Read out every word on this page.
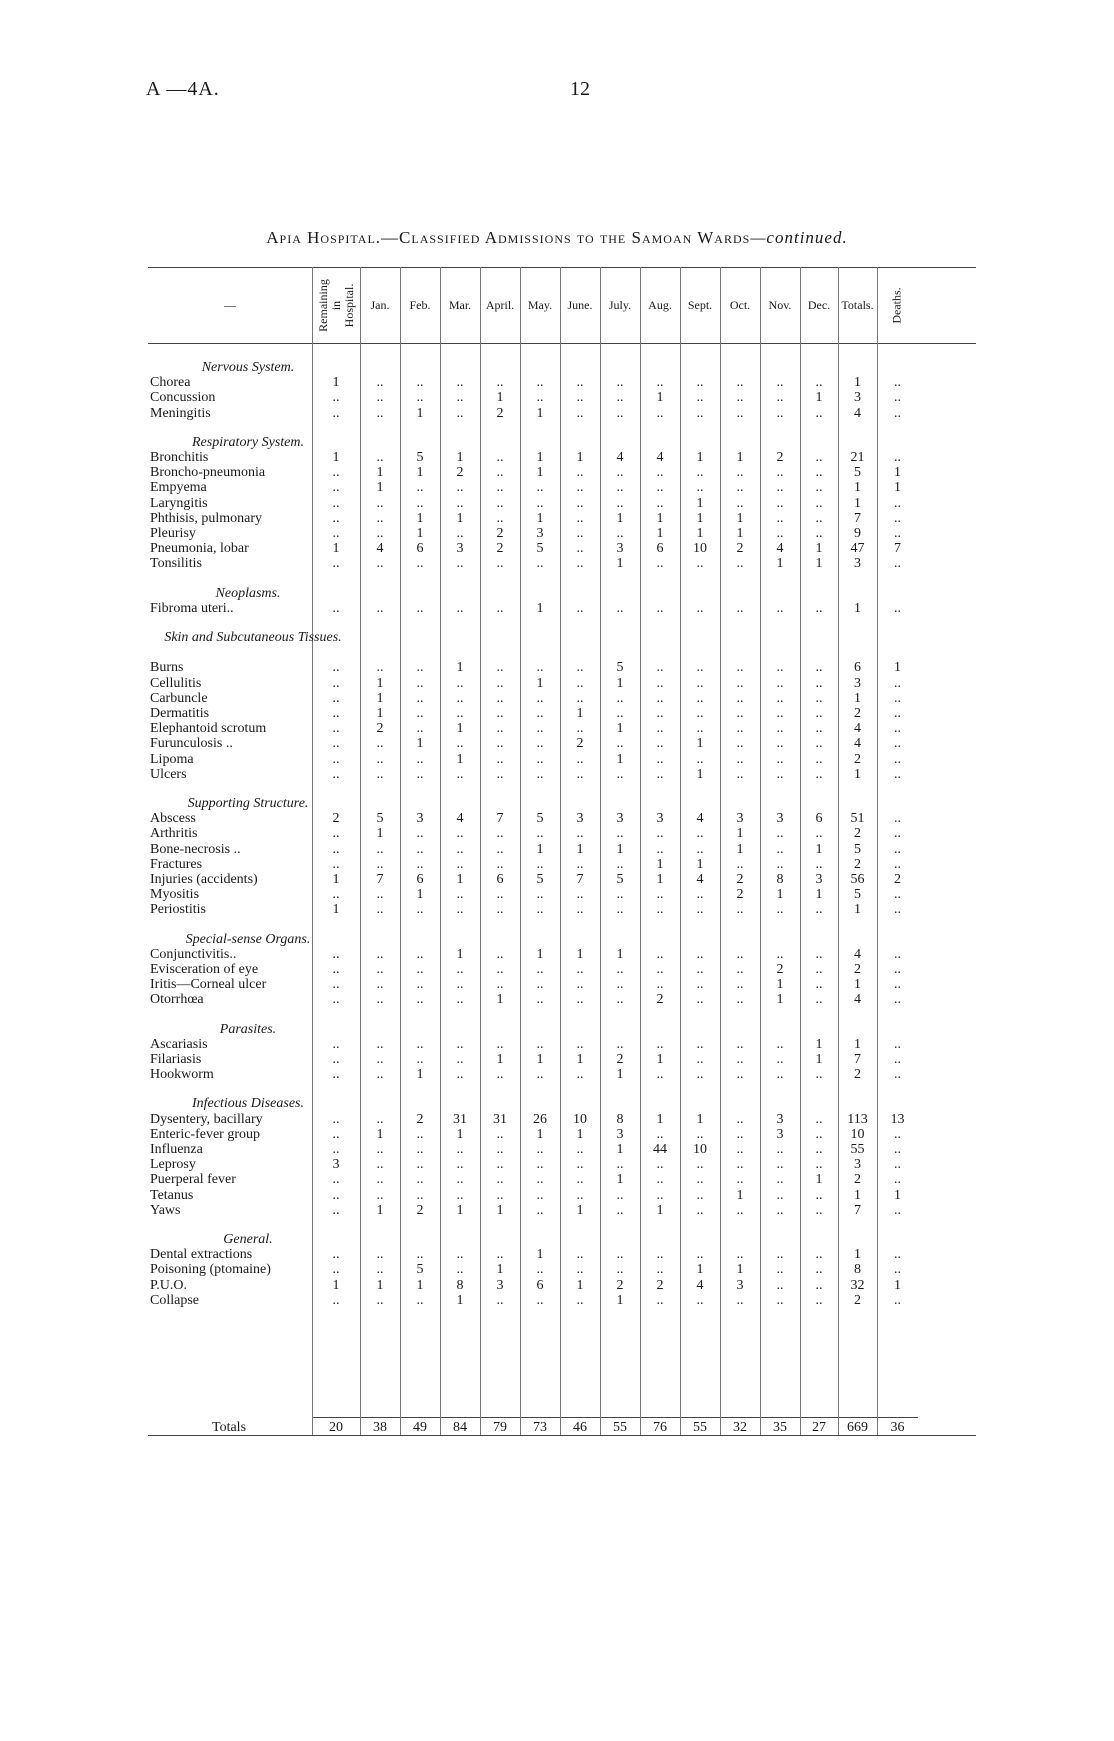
A —4A.	12
Apia Hospital.—Classified Admissions to the Samoan Wards—continued.
—	Remaining in Hospital. Jan. Feb. Mar. April. May. June. July. Aug. Sept. Oct. Nov. Dec. Totals. Deaths.
Nervous System.
Chorea	1	..	..	..	..	..	..	..	..	..	..	..	..	1	..
Concussion	..	..	..	..	1	..	..	..	1	..	..	..	1	3	..
Meningitis	..	..	1	..	2	1	..	..	..	..	..	..	..	4	..
Respiratory System.
Bronchitis	1	..	5	1	..	1	1	4	4	1	1	2	..	21	..
Broncho-pneumonia	..	1	1	2	..	1	..	..	..	..	..	..	..	5	1
Empyema	..	1	..	..	..	..	..	..	..	..	..	..	..	1	1
Laryngitis	..	..	..	..	..	..	..	..	..	1	..	..	..	1	..
Phthisis, pulmonary	..	..	1	1	..	1	..	1	1	1	1	..	..	7	..
Pleurisy	..	..	1	..	2	3	..	..	1	1	1	..	..	9	..
Pneumonia, lobar	1	4	6	3	2	5	..	3	6	10	2	4	1	47	7
Tonsilitis	..	..	..	..	..	..	..	1	..	..	..	1	1	3	..
Neoplasms.
Fibroma uteri..	..	..	..	..	..	1	..	..	..	..	..	..	..	1	..
Skin and Subcutaneous Tissues.
Burns	..	..	..	1	..	..	..	5	..	..	..	..	..	6	1
Cellulitis	..	1	..	..	..	1	..	1	..	..	..	..	..	3	..
Carbuncle	..	1	..	..	..	..	..	..	..	..	..	..	..	1	..
Dermatitis	..	1	..	..	..	..	1	..	..	..	..	..	..	2	..
Elephantoid scrotum	..	2	..	1	..	..	..	1	..	..	..	..	..	4	..
Furunculosis ..	..	..	1	..	..	..	2	..	..	1	..	..	..	4	..
Lipoma	..	..	..	1	..	..	..	1	..	..	..	..	..	2	..
Ulcers	..	..	..	..	..	..	..	..	..	1	..	..	..	1	..
Supporting Structure.
Abscess	2	5	3	4	7	5	3	3	3	4	3	3	6	51	..
Arthritis	..	1	..	..	..	..	..	..	..	..	1	..	..	2	..
Bone-necrosis ..	..	..	..	..	..	1	1	1	..	..	1	..	1	5	..
Fractures	..	..	..	..	..	..	..	..	1	1	..	..	..	2	..
Injuries (accidents)	1	7	6	1	6	5	7	5	1	4	2	8	3	56	2
Myositis	..	..	1	..	..	..	..	..	..	..	2	1	1	5	..
Periostitis	1	..	..	..	..	..	..	..	..	..	..	..	..	1	..
Special-sense Organs.
Conjunctivitis..	..	..	..	1	..	1	1	1	..	..	..	..	..	4	..
Evisceration of eye	..	..	..	..	..	..	..	..	..	..	..	2	..	2	..
Iritis—Corneal ulcer	..	..	..	..	..	..	..	..	..	..	..	1	..	1	..
Otorrhœa	..	..	..	..	1	..	..	..	2	..	..	1	..	4	..
Parasites.
Ascariasis	..	..	..	..	..	..	..	..	..	..	..	..	1	1	..
Filariasis	..	..	..	..	1	1	1	2	1	..	..	..	1	7	..
Hookworm	..	..	1	..	..	..	..	1	..	..	..	..	..	2	..
Infectious Diseases.
Dysentery, bacillary	..	..	2	31	31	26	10	8	1	1	..	3	..	113	13
Enteric-fever group	..	1	..	1	..	1	1	3	..	..	..	3	..	10	..
Influenza	..	..	..	..	..	..	..	1	44	10	..	..	..	55	..
Leprosy	3	..	..	..	..	..	..	..	..	..	..	..	..	3	..
Puerperal fever	..	..	..	..	..	..	..	1	..	..	..	..	1	2	..
Tetanus	..	..	..	..	..	..	..	..	..	..	1	..	..	1	1
Yaws	..	1	2	1	1	..	1	..	1	..	..	..	..	7	..
General.
Dental extractions	..	..	..	..	..	1	..	..	..	..	..	..	..	1	..
Poisoning (ptomaine)	..	..	5	..	1	..	..	..	..	1	1	..	..	8	..
P.U.O.	1	1	1	8	3	6	1	2	2	4	3	..	..	32	1
Collapse	..	..	..	1	..	..	..	1	..	..	..	..	..	2	..
Totals	20	38	49	84	79	73	46	55	76	55	32	35	27	669	36
